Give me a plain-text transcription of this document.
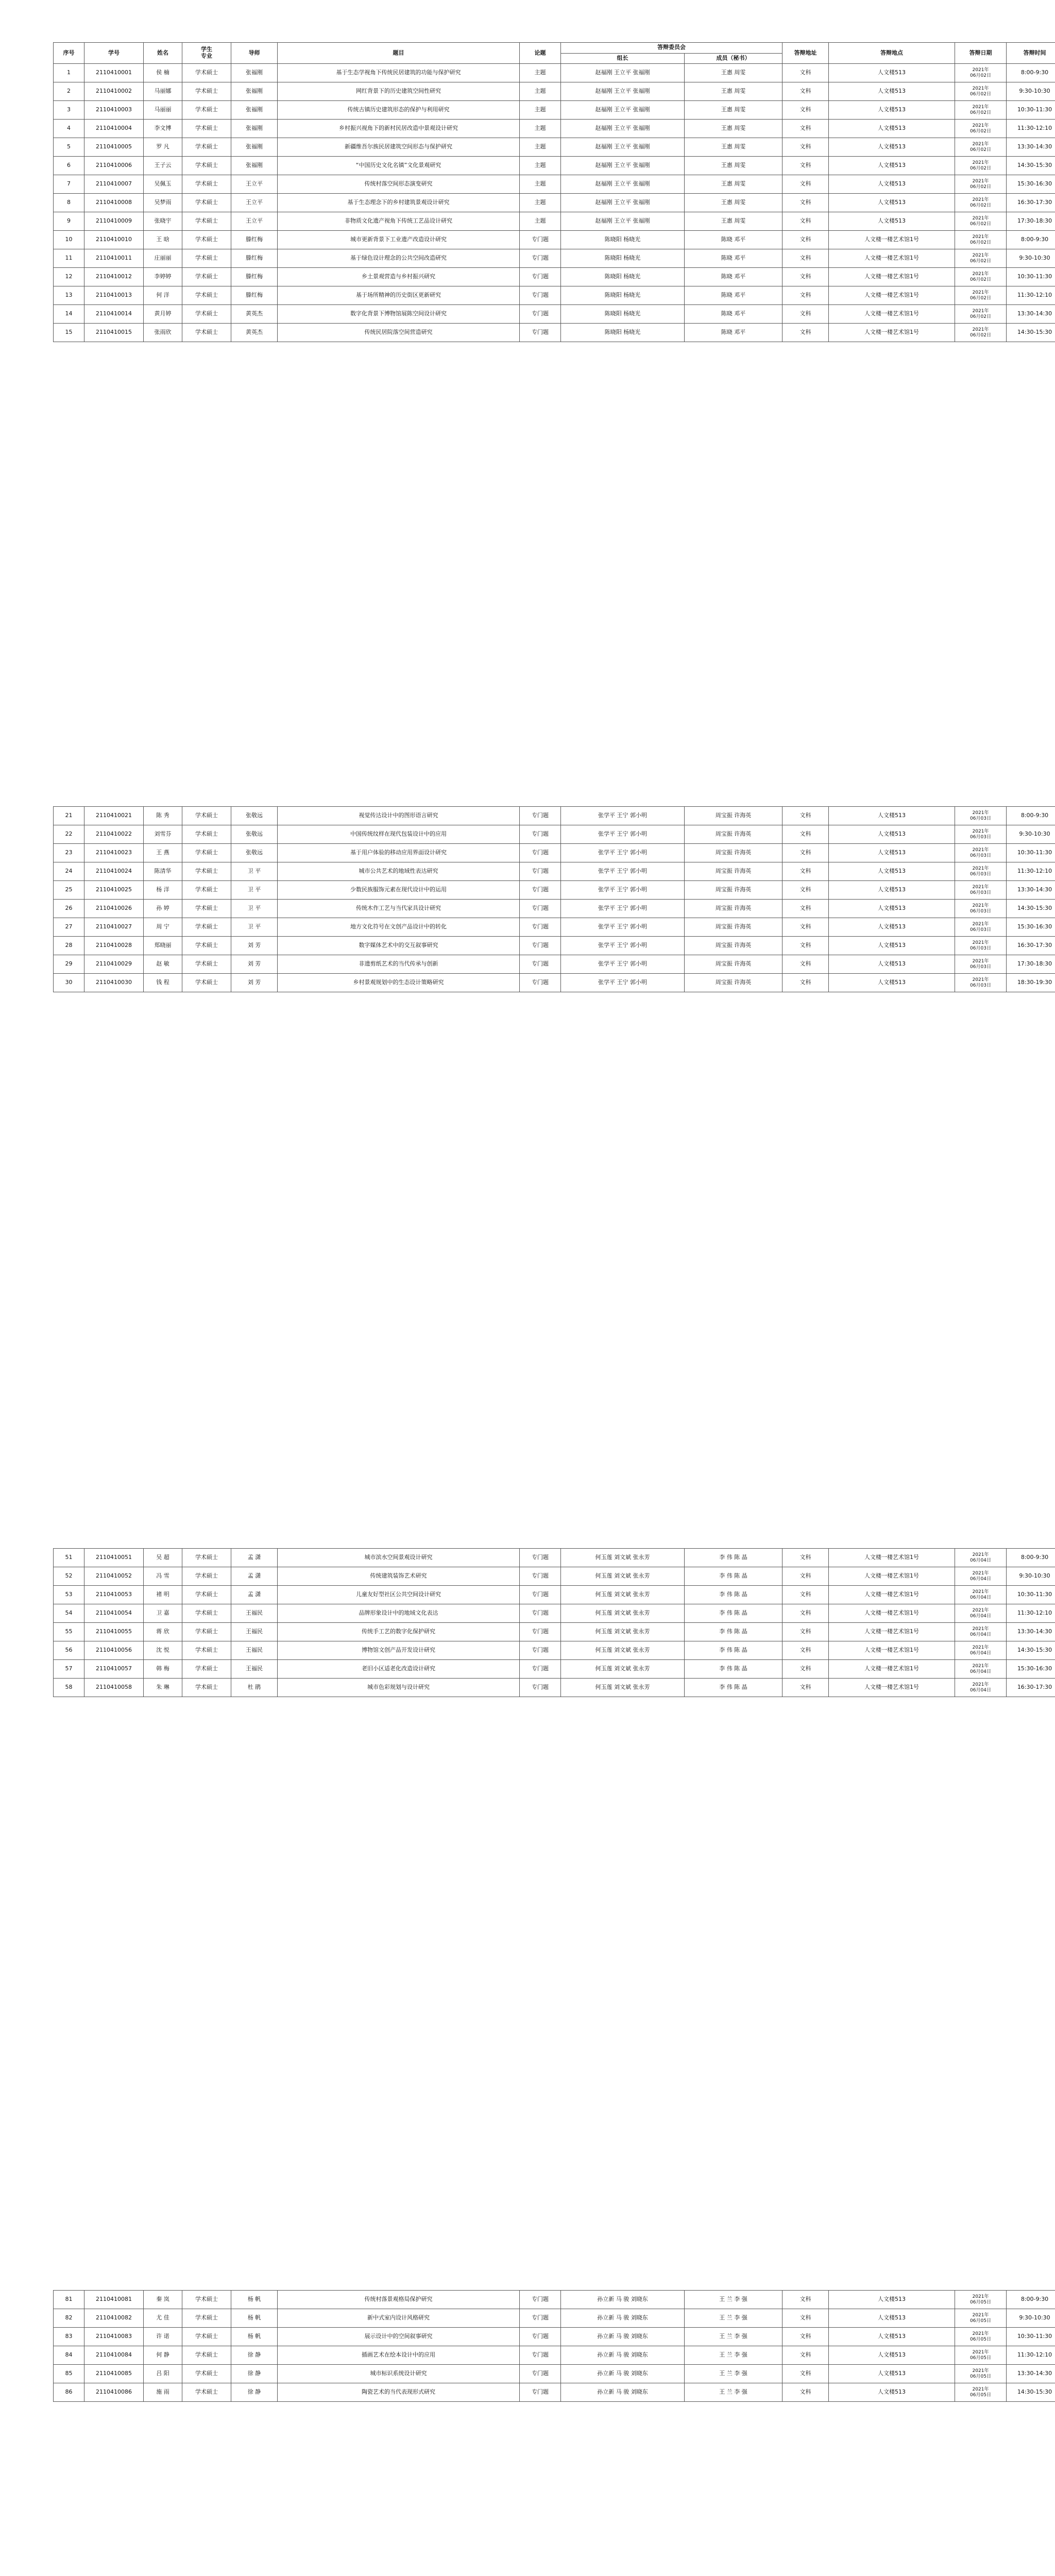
序号	学号	姓名	学生
专业	导师	题目	论题	答辩委员会		答辩地址	答辩地点	答辩日期	答辩时间
							组长	成员（秘书）				
1	2110410001	侯 楠	学术硕士	张福刚	基于生态学视角下传统民居建筑的功能与保护研究	主题	赵福刚 王立平 张福刚	王惠 周雯	文科	人文楼513	2021年
06月02日	8:00-9:30
2	2110410002	马丽娜	学术硕士	张福刚	网红背景下的历史建筑空间性研究	主题	赵福刚 王立平 张福刚	王惠 周雯	文科	人文楼513	2021年
06月02日	9:30-10:30
3	2110410003	马丽丽	学术硕士	张福刚	传统古镇历史建筑形态的保护与利用研究	主题	赵福刚 王立平 张福刚	王惠 周雯	文科	人文楼513	2021年
06月02日	10:30-11:30
4	2110410004	李文博	学术硕士	张福刚	乡村振兴视角下的新村民居改造中景观设计研究	主题	赵福刚 王立平 张福刚	王惠 周雯	文科	人文楼513	2021年
06月02日	11:30-12:10
5	2110410005	罗 凡	学术硕士	张福刚	新疆维吾尔族民居建筑空间形态与保护研究	主题	赵福刚 王立平 张福刚	王惠 周雯	文科	人文楼513	2021年
06月02日	13:30-14:30
6	2110410006	王子云	学术硕士	张福刚	“中国历史文化名镇”文化景观研究	主题	赵福刚 王立平 张福刚	王惠 周雯	文科	人文楼513	2021年
06月02日	14:30-15:30
7	2110410007	吴佩玉	学术硕士	王立平	传统村落空间形态演变研究	主题	赵福刚 王立平 张福刚	王惠 周雯	文科	人文楼513	2021年
06月02日	15:30-16:30
8	2110410008	吴梦雨	学术硕士	王立平	基于生态理念下的乡村建筑景观设计研究	主题	赵福刚 王立平 张福刚	王惠 周雯	文科	人文楼513	2021年
06月02日	16:30-17:30
9	2110410009	张晓宇	学术硕士	王立平	非物质文化遗产视角下传统工艺品设计研究	主题	赵福刚 王立平 张福刚	王惠 周雯	文科	人文楼513	2021年
06月02日	17:30-18:30
10	2110410010	王 晗	学术硕士	滕红梅	城市更新背景下工业遗产改造设计研究	专门题	陈晓阳 杨晓光	陈晓 邓平	文科	人文楼一楼艺术馆1号	2021年
06月02日	8:00-9:30
11	2110410011	庄丽丽	学术硕士	滕红梅	基于绿色设计理念的公共空间改造研究	专门题	陈晓阳 杨晓光	陈晓 邓平	文科	人文楼一楼艺术馆1号	2021年
06月02日	9:30-10:30
12	2110410012	李婷婷	学术硕士	滕红梅	乡土景观营造与乡村振兴研究	专门题	陈晓阳 杨晓光	陈晓 邓平	文科	人文楼一楼艺术馆1号	2021年
06月02日	10:30-11:30
13	2110410013	何 洋	学术硕士	滕红梅	基于场所精神的历史街区更新研究	专门题	陈晓阳 杨晓光	陈晓 邓平	文科	人文楼一楼艺术馆1号	2021年
06月02日	11:30-12:10
14	2110410014	黄月婷	学术硕士	黄英杰	数字化背景下博物馆展陈空间设计研究	专门题	陈晓阳 杨晓光	陈晓 邓平	文科	人文楼一楼艺术馆1号	2021年
06月02日	13:30-14:30
15	2110410015	张雨欣	学术硕士	黄英杰	传统民居院落空间营造研究	专门题	陈晓阳 杨晓光	陈晓 邓平	文科	人文楼一楼艺术馆1号	2021年
06月02日	14:30-15:30
21	2110410021	陈 秀	学术硕士	张敬远	视觉传达设计中的图形语言研究	专门题	张学平 王宁 郭小明	周宝振 许海英	文科	人文楼513	2021年
06月03日	8:00-9:30
22	2110410022	刘雪芬	学术硕士	张敬远	中国传统纹样在现代包装设计中的应用	专门题	张学平 王宁 郭小明	周宝振 许海英	文科	人文楼513	2021年
06月03日	9:30-10:30
23	2110410023	王 燕	学术硕士	张敬远	基于用户体验的移动应用界面设计研究	专门题	张学平 王宁 郭小明	周宝振 许海英	文科	人文楼513	2021年
06月03日	10:30-11:30
24	2110410024	陈清华	学术硕士	卫 平	城市公共艺术的地域性表达研究	专门题	张学平 王宁 郭小明	周宝振 许海英	文科	人文楼513	2021年
06月03日	11:30-12:10
25	2110410025	杨 洋	学术硕士	卫 平	少数民族服饰元素在现代设计中的运用	专门题	张学平 王宁 郭小明	周宝振 许海英	文科	人文楼513	2021年
06月03日	13:30-14:30
26	2110410026	孙 婷	学术硕士	卫 平	传统木作工艺与当代家具设计研究	专门题	张学平 王宁 郭小明	周宝振 许海英	文科	人文楼513	2021年
06月03日	14:30-15:30
27	2110410027	周 宁	学术硕士	卫 平	地方文化符号在文创产品设计中的转化	专门题	张学平 王宁 郭小明	周宝振 许海英	文科	人文楼513	2021年
06月03日	15:30-16:30
28	2110410028	郑晓丽	学术硕士	刘 芳	数字媒体艺术中的交互叙事研究	专门题	张学平 王宁 郭小明	周宝振 许海英	文科	人文楼513	2021年
06月03日	16:30-17:30
29	2110410029	赵 敏	学术硕士	刘 芳	非遗剪纸艺术的当代传承与创新	专门题	张学平 王宁 郭小明	周宝振 许海英	文科	人文楼513	2021年
06月03日	17:30-18:30
30	2110410030	钱 程	学术硕士	刘 芳	乡村景观规划中的生态设计策略研究	专门题	张学平 王宁 郭小明	周宝振 许海英	文科	人文楼513	2021年
06月03日	18:30-19:30
51	2110410051	吴 超	学术硕士	孟 潇	城市滨水空间景观设计研究	专门题	何玉莲 刘文斌 张永芳	李 伟 陈 晶	文科	人文楼一楼艺术馆1号	2021年
06月04日	8:00-9:30
52	2110410052	冯 雪	学术硕士	孟 潇	传统建筑装饰艺术研究	专门题	何玉莲 刘文斌 张永芳	李 伟 陈 晶	文科	人文楼一楼艺术馆1号	2021年
06月04日	9:30-10:30
53	2110410053	褚 明	学术硕士	孟 潇	儿童友好型社区公共空间设计研究	专门题	何玉莲 刘文斌 张永芳	李 伟 陈 晶	文科	人文楼一楼艺术馆1号	2021年
06月04日	10:30-11:30
54	2110410054	卫 嘉	学术硕士	王福民	品牌形象设计中的地域文化表达	专门题	何玉莲 刘文斌 张永芳	李 伟 陈 晶	文科	人文楼一楼艺术馆1号	2021年
06月04日	11:30-12:10
55	2110410055	蒋 欣	学术硕士	王福民	传统手工艺的数字化保护研究	专门题	何玉莲 刘文斌 张永芳	李 伟 陈 晶	文科	人文楼一楼艺术馆1号	2021年
06月04日	13:30-14:30
56	2110410056	沈 悦	学术硕士	王福民	博物馆文创产品开发设计研究	专门题	何玉莲 刘文斌 张永芳	李 伟 陈 晶	文科	人文楼一楼艺术馆1号	2021年
06月04日	14:30-15:30
57	2110410057	韩 梅	学术硕士	王福民	老旧小区适老化改造设计研究	专门题	何玉莲 刘文斌 张永芳	李 伟 陈 晶	文科	人文楼一楼艺术馆1号	2021年
06月04日	15:30-16:30
58	2110410058	朱 琳	学术硕士	杜 鹃	城市色彩规划与设计研究	专门题	何玉莲 刘文斌 张永芳	李 伟 陈 晶	文科	人文楼一楼艺术馆1号	2021年
06月04日	16:30-17:30
81	2110410081	秦 岚	学术硕士	杨 帆	传统村落景观格局保护研究	专门题	孙立新 马 骏 刘晓东	王 兰 李 强	文科	人文楼513	2021年
06月05日	8:00-9:30
82	2110410082	尤 佳	学术硕士	杨 帆	新中式室内设计风格研究	专门题	孙立新 马 骏 刘晓东	王 兰 李 强	文科	人文楼513	2021年
06月05日	9:30-10:30
83	2110410083	许 诺	学术硕士	杨 帆	展示设计中的空间叙事研究	专门题	孙立新 马 骏 刘晓东	王 兰 李 强	文科	人文楼513	2021年
06月05日	10:30-11:30
84	2110410084	何 静	学术硕士	徐 静	插画艺术在绘本设计中的应用	专门题	孙立新 马 骏 刘晓东	王 兰 李 强	文科	人文楼513	2021年
06月05日	11:30-12:10
85	2110410085	吕 阳	学术硕士	徐 静	城市标识系统设计研究	专门题	孙立新 马 骏 刘晓东	王 兰 李 强	文科	人文楼513	2021年
06月05日	13:30-14:30
86	2110410086	施 雨	学术硕士	徐 静	陶瓷艺术的当代表现形式研究	专门题	孙立新 马 骏 刘晓东	王 兰 李 强	文科	人文楼513	2021年
06月05日	14:30-15:30
